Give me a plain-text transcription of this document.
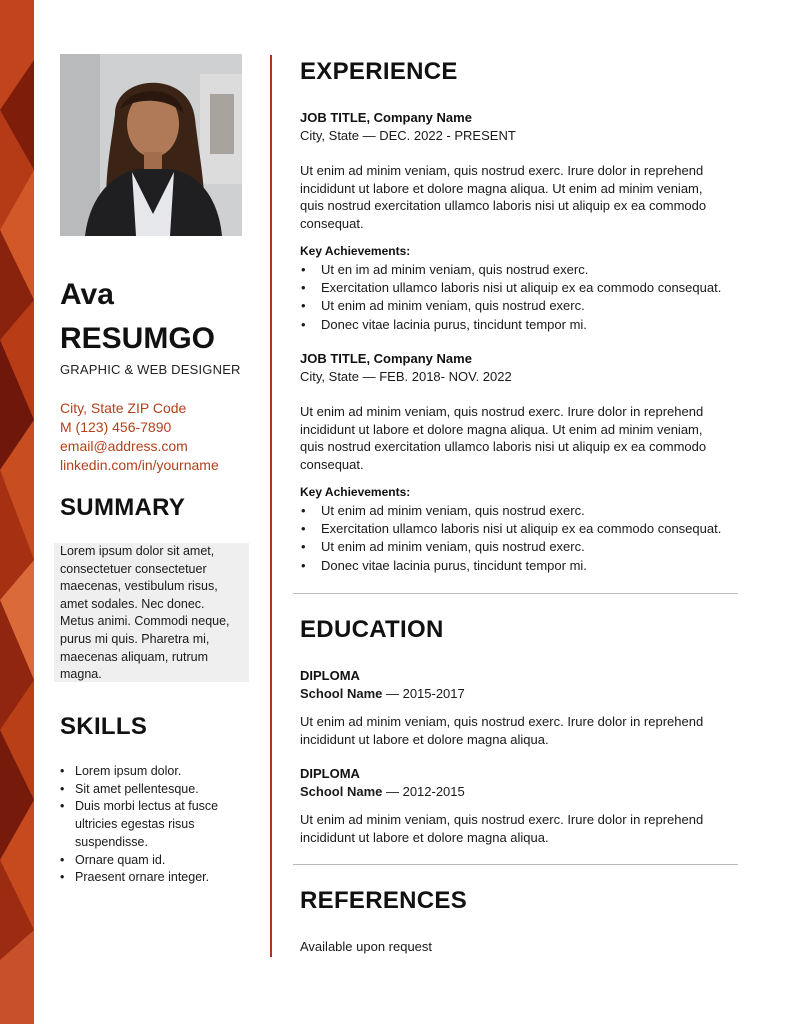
Ava
RESUMGO
GRAPHIC & WEB DESIGNER
City, State ZIP Code
M (123) 456-7890
email@address.com
linkedin.com/in/yourname
SUMMARY
Lorem ipsum dolor sit amet,
consectetuer consectetuer
maecenas, vestibulum risus,
amet sodales. Nec donec.
Metus animi. Commodi neque,
purus mi quis. Pharetra mi,
maecenas aliquam, rutrum
magna.
SKILLS
• Lorem ipsum dolor.
• Sit amet pellentesque.
• Duis morbi lectus at fusce ultricies egestas risus suspendisse.
• Ornare quam id.
• Praesent ornare integer.
EXPERIENCE
JOB TITLE, Company Name
City, State — DEC. 2022 - PRESENT
Ut enim ad minim veniam, quis nostrud exerc. Irure dolor in reprehend
incididunt ut labore et dolore magna aliqua. Ut enim ad minim veniam,
quis nostrud exercitation ullamco laboris nisi ut aliquip ex ea commodo
consequat.
Key Achievements:
• Ut en im ad minim veniam, quis nostrud exerc.
• Exercitation ullamco laboris nisi ut aliquip ex ea commodo consequat.
• Ut enim ad minim veniam, quis nostrud exerc.
• Donec vitae lacinia purus, tincidunt tempor mi.
JOB TITLE, Company Name
City, State — FEB. 2018- NOV. 2022
Ut enim ad minim veniam, quis nostrud exerc. Irure dolor in reprehend
incididunt ut labore et dolore magna aliqua. Ut enim ad minim veniam,
quis nostrud exercitation ullamco laboris nisi ut aliquip ex ea commodo
consequat.
Key Achievements:
• Ut enim ad minim veniam, quis nostrud exerc.
• Exercitation ullamco laboris nisi ut aliquip ex ea commodo consequat.
• Ut enim ad minim veniam, quis nostrud exerc.
• Donec vitae lacinia purus, tincidunt tempor mi.
EDUCATION
DIPLOMA
School Name — 2015-2017
Ut enim ad minim veniam, quis nostrud exerc. Irure dolor in reprehend
incididunt ut labore et dolore magna aliqua.
DIPLOMA
School Name — 2012-2015
Ut enim ad minim veniam, quis nostrud exerc. Irure dolor in reprehend
incididunt ut labore et dolore magna aliqua.
REFERENCES
Available upon request
